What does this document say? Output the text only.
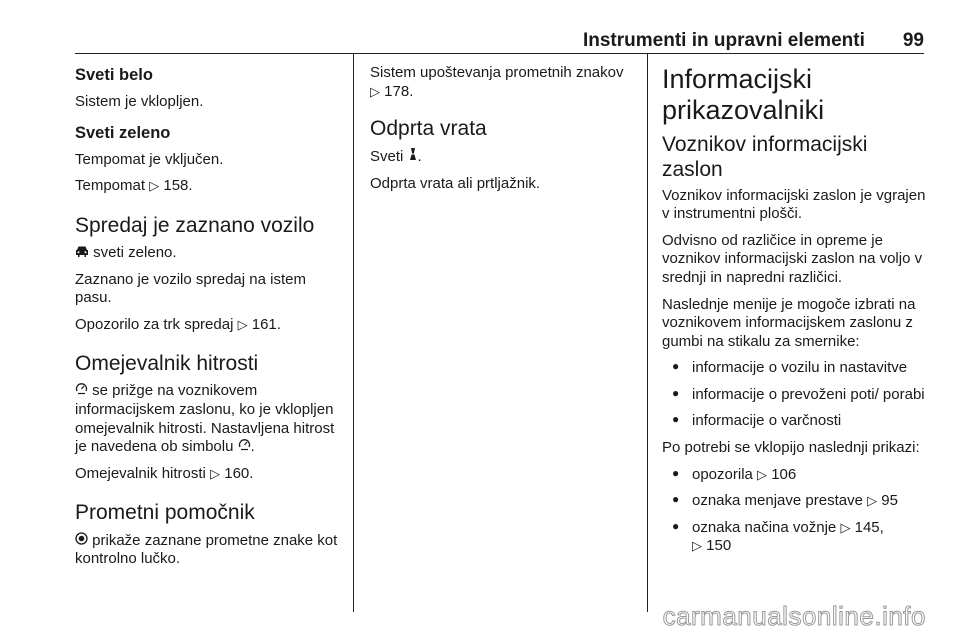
Instrumenti in upravni elementi 99
Sveti belo

Sistem je vklopljen.

Sveti zeleno

Tempomat je vključen.

Tempomat ▷ 158.

Spredaj je zaznano vozilo

sveti zeleno.

Zaznano je vozilo spredaj na istem pasu.

Opozorilo za trk spredaj ▷ 161.

Omejevalnik hitrosti

se prižge na voznikovem informacijskem zaslonu, ko je vklopljen omejevalnik hitrosti. Nastavljena hitrost je navedena ob simbolu .

Omejevalnik hitrosti ▷ 160.

Prometni pomočnik

prikaže zaznane prometne znake kot kontrolno lučko.

Sistem upoštevanja prometnih znakov ▷ 178.

Odprta vrata

Sveti .

Odprta vrata ali prtljažnik.

Informacijski prikazovalniki
Voznikov informacijski zaslon

Voznikov informacijski zaslon je vgrajen v instrumentni plošči.

Odvisno od različice in opreme je voznikov informacijski zaslon na voljo v srednji in napredni različici.

Naslednje menije je mogoče izbrati na voznikovem informacijskem zaslonu z gumbi na stikalu za smernike:

● informacije o vozilu in nastavitve
● informacije o prevoženi poti/ porabi
● informacije o varčnosti

Po potrebi se vklopijo naslednji prikazi:

● opozorila ▷ 106
● oznaka menjave prestave ▷ 95
● oznaka načina vožnje ▷ 145,
▷ 150
carmanualsonline.info
